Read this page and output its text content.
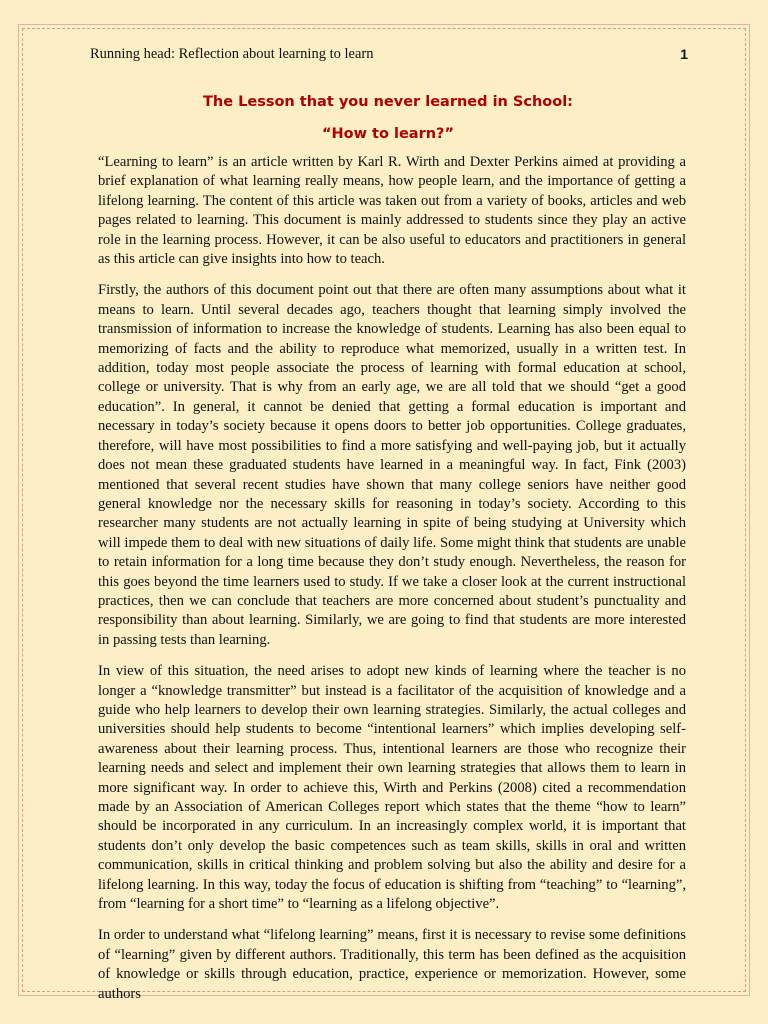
Running head: Reflection about learning to learn	1
The Lesson that you never learned in School:
“How to learn?”

“Learning to learn” is an article written by Karl R. Wirth and Dexter Perkins aimed at providing a brief explanation of what learning really means, how people learn, and the importance of getting a lifelong learning. The content of this article was taken out from a variety of books, articles and web pages related to learning. This document is mainly addressed to students since they play an active role in the learning process. However, it can be also useful to educators and practitioners in general as this article can give insights into how to teach.

Firstly, the authors of this document point out that there are often many assumptions about what it means to learn. Until several decades ago, teachers thought that learning simply involved the transmission of information to increase the knowledge of students. Learning has also been equal to memorizing of facts and the ability to reproduce what memorized, usually in a written test. In addition, today most people associate the process of learning with formal education at school, college or university. That is why from an early age, we are all told that we should “get a good education”. In general, it cannot be denied that getting a formal education is important and necessary in today’s society because it opens doors to better job opportunities. College graduates, therefore, will have most possibilities to find a more satisfying and well-paying job, but it actually does not mean these graduated students have learned in a meaningful way. In fact, Fink (2003) mentioned that several recent studies have shown that many college seniors have neither good general knowledge nor the necessary skills for reasoning in today’s society. According to this researcher many students are not actually learning in spite of being studying at University which will impede them to deal with new situations of daily life. Some might think that students are unable to retain information for a long time because they don’t study enough. Nevertheless, the reason for this goes beyond the time learners used to study. If we take a closer look at the current instructional practices, then we can conclude that teachers are more concerned about student’s punctuality and responsibility than about learning. Similarly, we are going to find that students are more interested in passing tests than learning.

In view of this situation, the need arises to adopt new kinds of learning where the teacher is no longer a “knowledge transmitter” but instead is a facilitator of the acquisition of knowledge and a guide who help learners to develop their own learning strategies. Similarly, the actual colleges and universities should help students to become “intentional learners” which implies developing self-awareness about their learning process. Thus, intentional learners are those who recognize their learning needs and select and implement their own learning strategies that allows them to learn in more significant way. In order to achieve this, Wirth and Perkins (2008) cited a recommendation made by an Association of American Colleges report which states that the theme “how to learn” should be incorporated in any curriculum. In an increasingly complex world, it is important that students don’t only develop the basic competences such as team skills, skills in oral and written communication, skills in critical thinking and problem solving but also the ability and desire for a lifelong learning. In this way, today the focus of education is shifting from “teaching” to “learning”, from “learning for a short time” to “learning as a lifelong objective”.

In order to understand what “lifelong learning” means, first it is necessary to revise some definitions of “learning” given by different authors. Traditionally, this term has been defined as the acquisition of knowledge or skills through education, practice, experience or memorization. However, some authors
